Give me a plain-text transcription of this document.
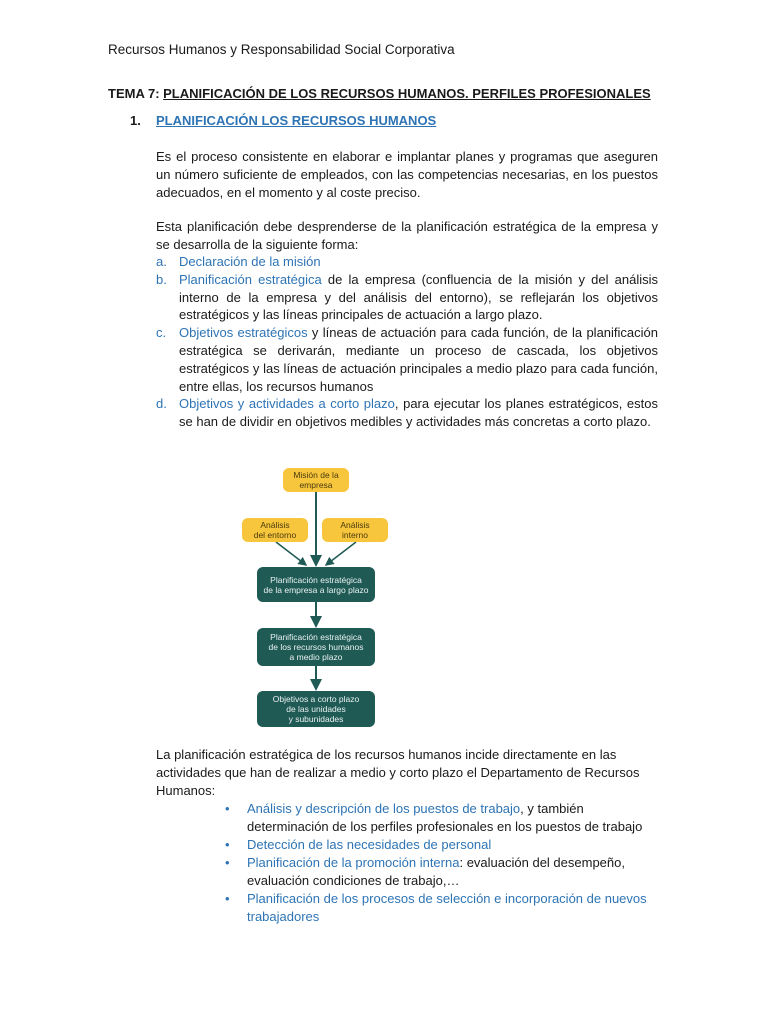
Recursos Humanos y Responsabilidad Social Corporativa
TEMA 7: PLANIFICACIÓN DE LOS RECURSOS HUMANOS. PERFILES PROFESIONALES
1. PLANIFICACIÓN LOS RECURSOS HUMANOS
Es el proceso consistente en elaborar e implantar planes y programas que aseguren un número suficiente de empleados, con las competencias necesarias, en los puestos adecuados, en el momento y al coste preciso.
Esta planificación debe desprenderse de la planificación estratégica de la empresa y se desarrolla de la siguiente forma:
a. Declaración de la misión
b. Planificación estratégica de la empresa (confluencia de la misión y del análisis interno de la empresa y del análisis del entorno), se reflejarán los objetivos estratégicos y las líneas principales de actuación a largo plazo.
c. Objetivos estratégicos y líneas de actuación para cada función, de la planificación estratégica se derivarán, mediante un proceso de cascada, los objetivos estratégicos y las líneas de actuación principales a medio plazo para cada función, entre ellas, los recursos humanos
d. Objetivos y actividades a corto plazo, para ejecutar los planes estratégicos, estos se han de dividir en objetivos medibles y actividades más concretas a corto plazo.
Misión de la
empresa
Análisis
del entorno
Análisis
interno
Planificación estratégica
de la empresa a largo plazo
Planificación estratégica
de los recursos humanos
a medio plazo
Objetivos a corto plazo
de las unidades
y subunidades
La planificación estratégica de los recursos humanos incide directamente en las actividades que han de realizar a medio y corto plazo el Departamento de Recursos Humanos:
•	Análisis y descripción de los puestos de trabajo, y también determinación de los perfiles profesionales en los puestos de trabajo
•	Detección de las necesidades de personal
•	Planificación de la promoción interna: evaluación del desempeño, evaluación condiciones de trabajo,…
•	Planificación de los procesos de selección e incorporación de nuevos trabajadores
